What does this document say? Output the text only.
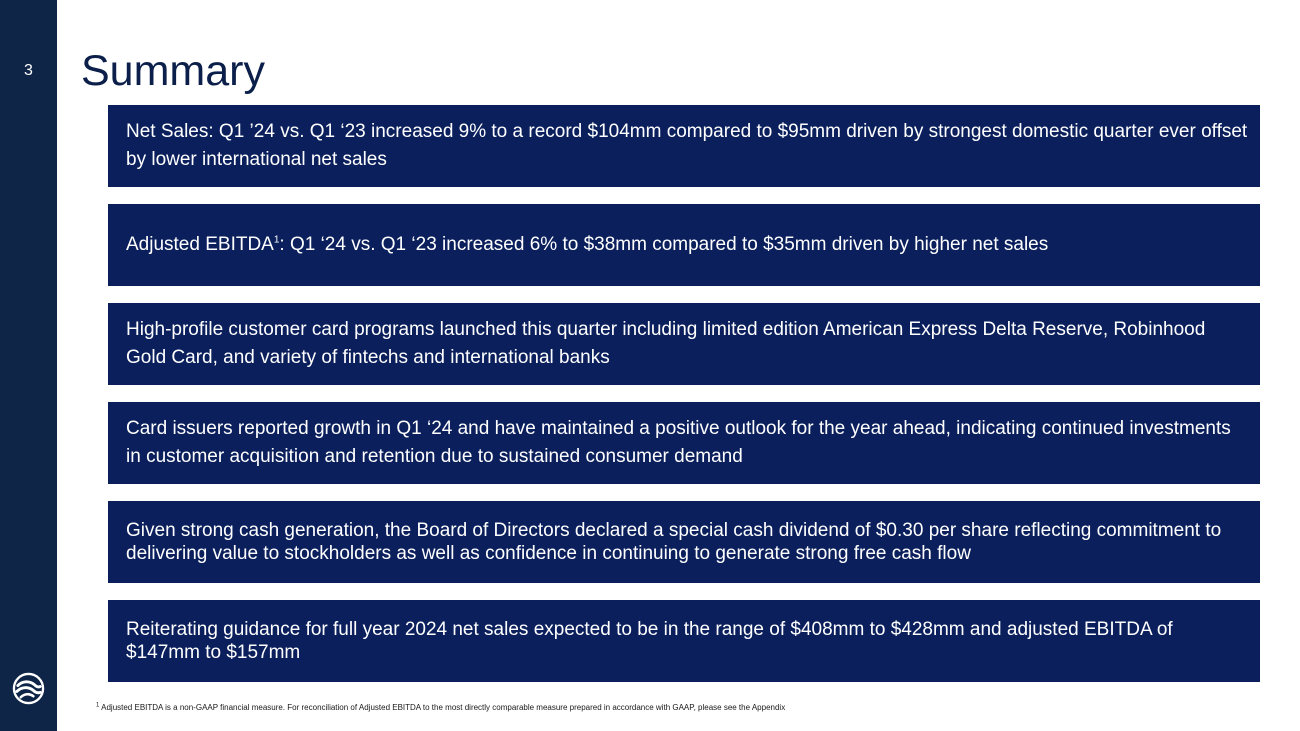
3	Summary

Net Sales: Q1 ’24 vs. Q1 ‘23 increased 9% to a record $104mm compared to $95mm driven by strongest domestic quarter ever offset by lower international net sales

Adjusted EBITDA$^1$: Q1 ‘24 vs. Q1 ‘23 increased 6% to $38mm compared to $35mm driven by higher net sales

High-profile customer card programs launched this quarter including limited edition American Express Delta Reserve, Robinhood Gold Card, and variety of fintechs and international banks

Card issuers reported growth in Q1 ‘24 and have maintained a positive outlook for the year ahead, indicating continued investments in customer acquisition and retention due to sustained consumer demand

Given strong cash generation, the Board of Directors declared a special cash dividend of $0.30 per share reflecting commitment to delivering value to stockholders as well as confidence in continuing to generate strong free cash flow

Reiterating guidance for full year 2024 net sales expected to be in the range of $408mm to $428mm and adjusted EBITDA of $147mm to $157mm

$^1$ Adjusted EBITDA is a non-GAAP financial measure. For reconciliation of Adjusted EBITDA to the most directly comparable measure prepared in accordance with GAAP, please see the Appendix
